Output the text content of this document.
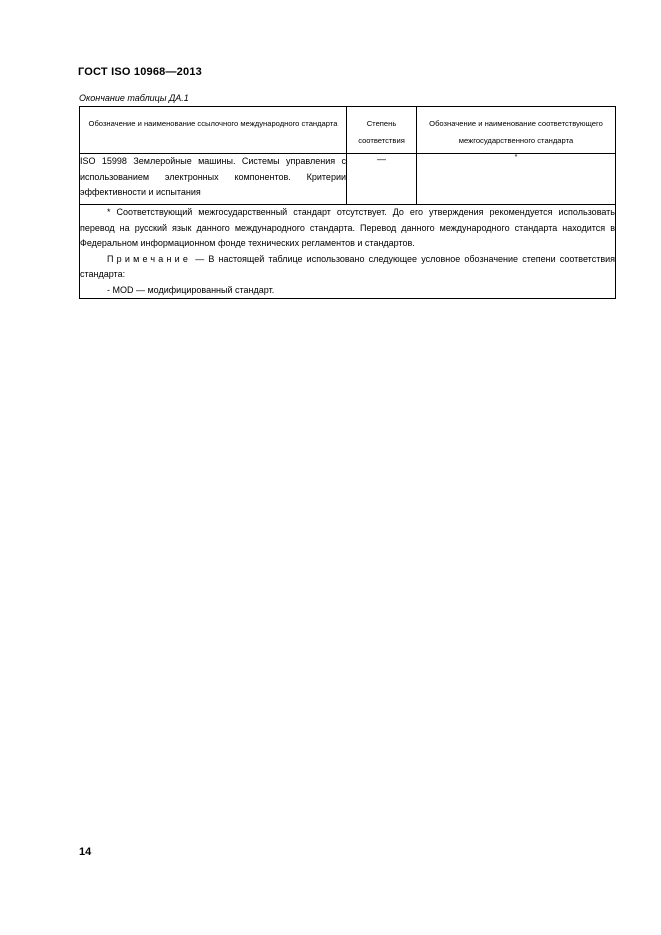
ГОСТ ISO 10968—2013
Окончание таблицы ДА.1
Обозначение и наименование ссылочного международного стандарта	Степень соответствия	Обозначение и наименование соответствующего межгосударственного стандарта
ISO 15998 Землеройные машины. Системы управления с использованием электронных компонентов. Критерии эффективности и испытания	—	*

* Соответствующий межгосударственный стандарт отсутствует. До его утверждения рекомендуется использовать перевод на русский язык данного международного стандарта. Перевод данного международного стандарта находится в Федеральном информационном фонде технических регламентов и стандартов.

Примечание — В настоящей таблице использовано следующее условное обозначение степени соответствия стандарта:

- MOD — модифицированный стандарт.		

14
